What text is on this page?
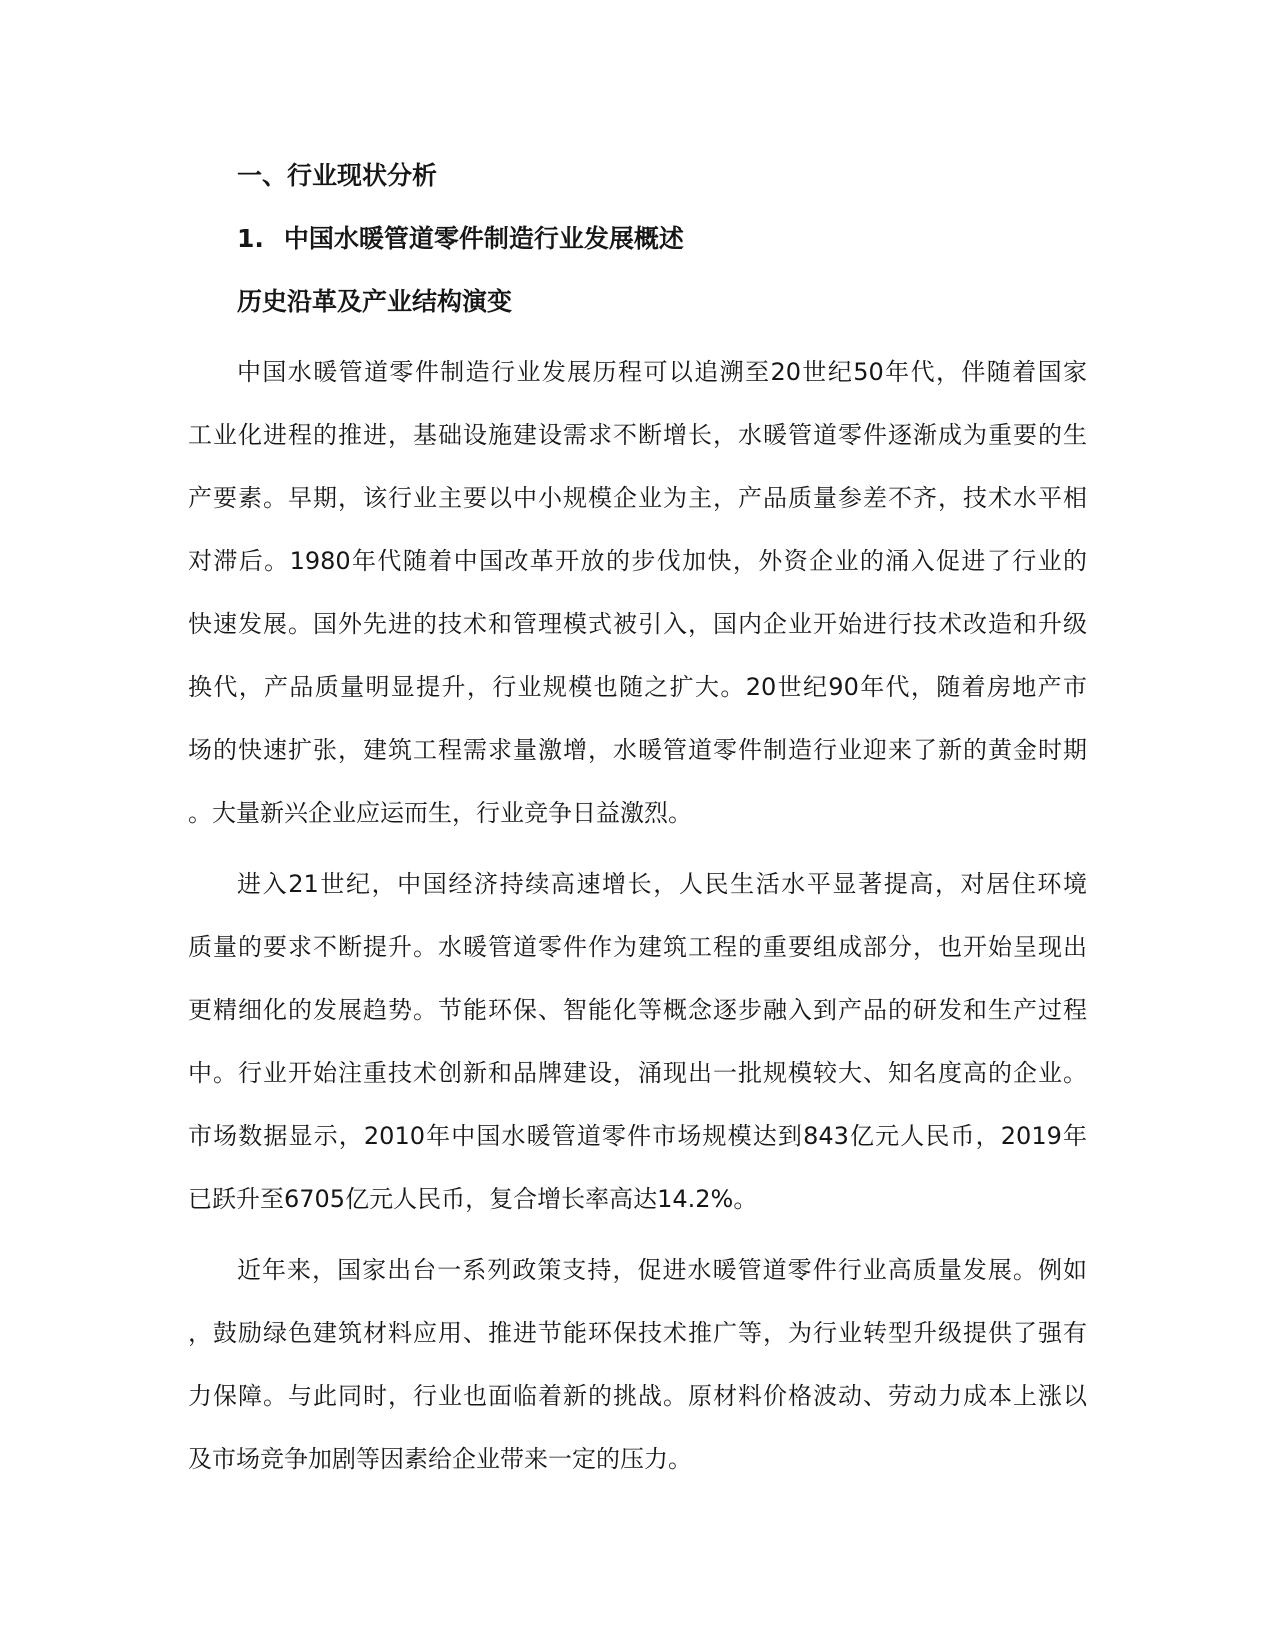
一、行业现状分析
1. 中国水暖管道零件制造行业发展概述
历史沿革及产业结构演变
中国水暖管道零件制造行业发展历程可以追溯至20世纪50年代，伴随着国家
工业化进程的推进，基础设施建设需求不断增长，水暖管道零件逐渐成为重要的生
产要素。早期，该行业主要以中小规模企业为主，产品质量参差不齐，技术水平相
对滞后。1980年代随着中国改革开放的步伐加快，外资企业的涌入促进了行业的
快速发展。国外先进的技术和管理模式被引入，国内企业开始进行技术改造和升级
换代，产品质量明显提升，行业规模也随之扩大。20世纪90年代，随着房地产市
场的快速扩张，建筑工程需求量激增，水暖管道零件制造行业迎来了新的黄金时期
。大量新兴企业应运而生，行业竞争日益激烈。
进入21世纪，中国经济持续高速增长，人民生活水平显著提高，对居住环境
质量的要求不断提升。水暖管道零件作为建筑工程的重要组成部分，也开始呈现出
更精细化的发展趋势。节能环保、智能化等概念逐步融入到产品的研发和生产过程
中。行业开始注重技术创新和品牌建设，涌现出一批规模较大、知名度高的企业。
市场数据显示，2010年中国水暖管道零件市场规模达到843亿元人民币，2019年
已跃升至6705亿元人民币，复合增长率高达14.2%。
近年来，国家出台一系列政策支持，促进水暖管道零件行业高质量发展。例如
，鼓励绿色建筑材料应用、推进节能环保技术推广等，为行业转型升级提供了强有
力保障。与此同时，行业也面临着新的挑战。原材料价格波动、劳动力成本上涨以
及市场竞争加剧等因素给企业带来一定的压力。
